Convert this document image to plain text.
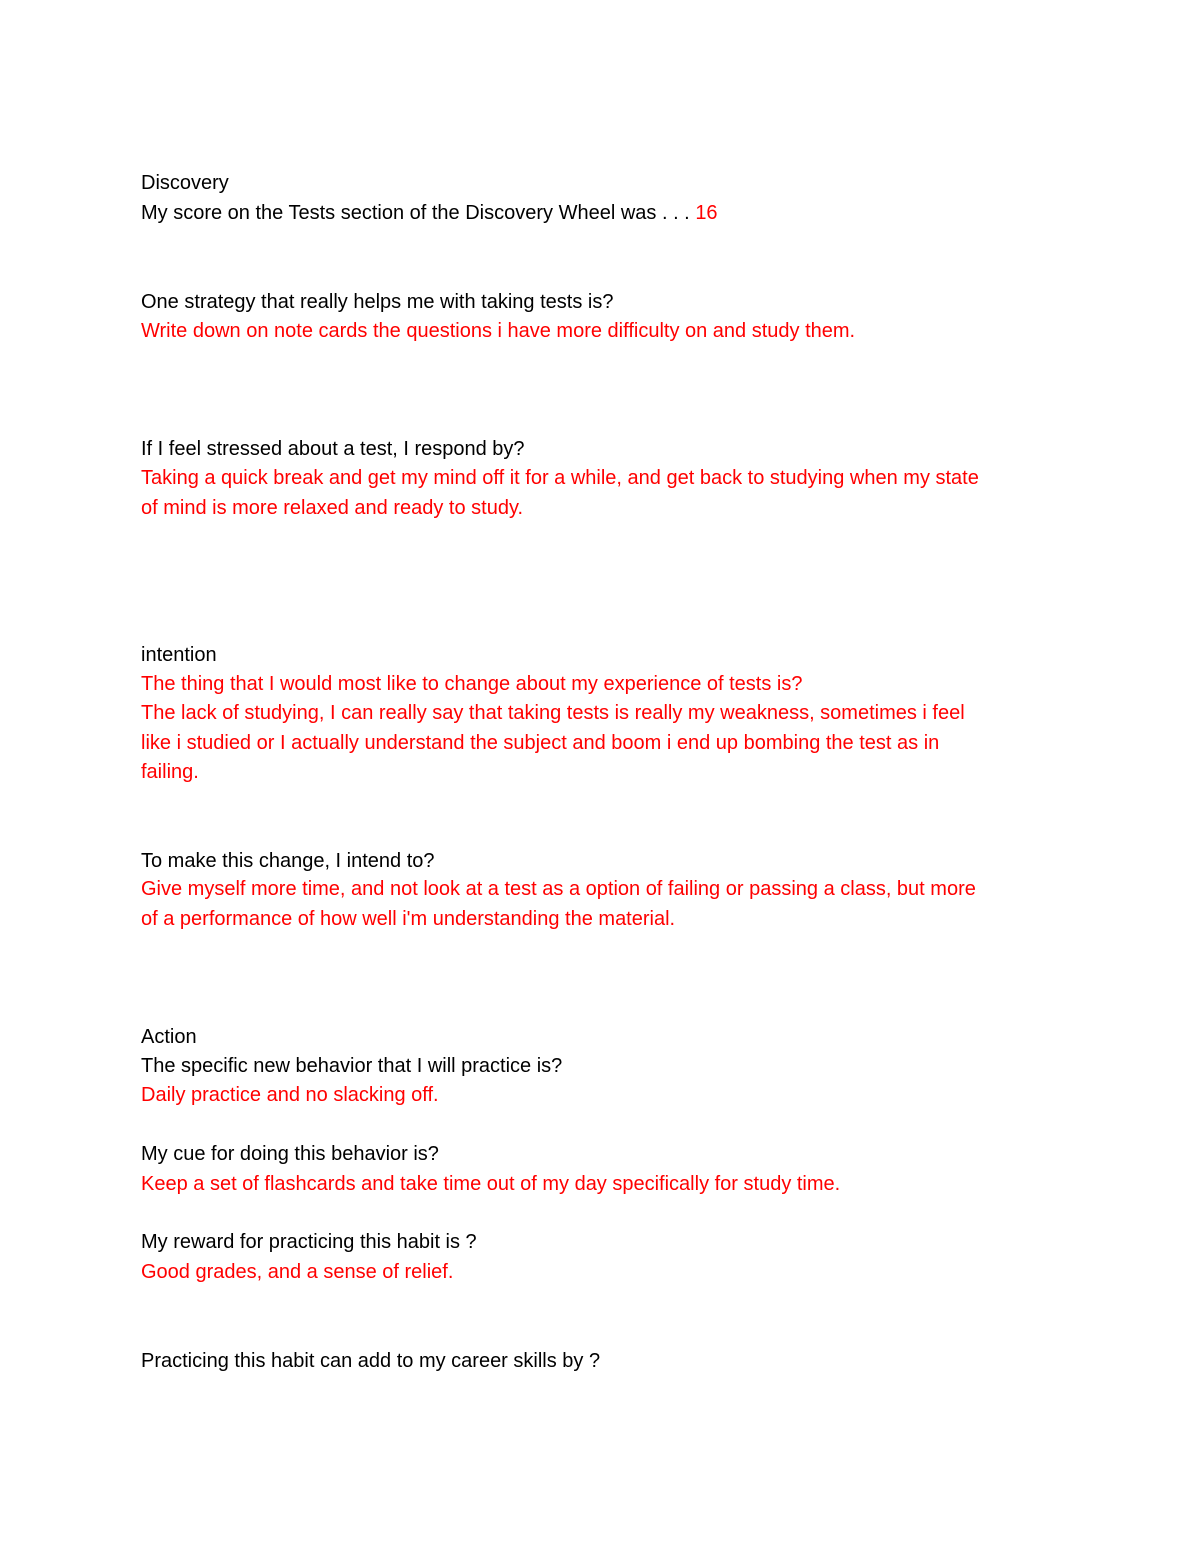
Discovery
My score on the Tests section of the Discovery Wheel was . . . 16
One strategy that really helps me with taking tests is?
Write down on note cards the questions i have more difficulty on and study them.
If I feel stressed about a test, I respond by?
Taking a quick break and get my mind off it for a while, and get back to studying when my state
of mind is more relaxed and ready to study.
intention
The thing that I would most like to change about my experience of tests is?
The lack of studying, I can really say that taking tests is really my weakness, sometimes i feel
like i studied or I actually understand the subject and boom i end up bombing the test as in
failing.
To make this change, I intend to?
Give myself more time, and not look at a test as a option of failing or passing a class, but more
of a performance of how well i'm understanding the material.
Action
The specific new behavior that I will practice is?
Daily practice and no slacking off.
My cue for doing this behavior is?
Keep a set of flashcards and take time out of my day specifically for study time.
My reward for practicing this habit is ?
Good grades, and a sense of relief.
Practicing this habit can add to my career skills by ?
